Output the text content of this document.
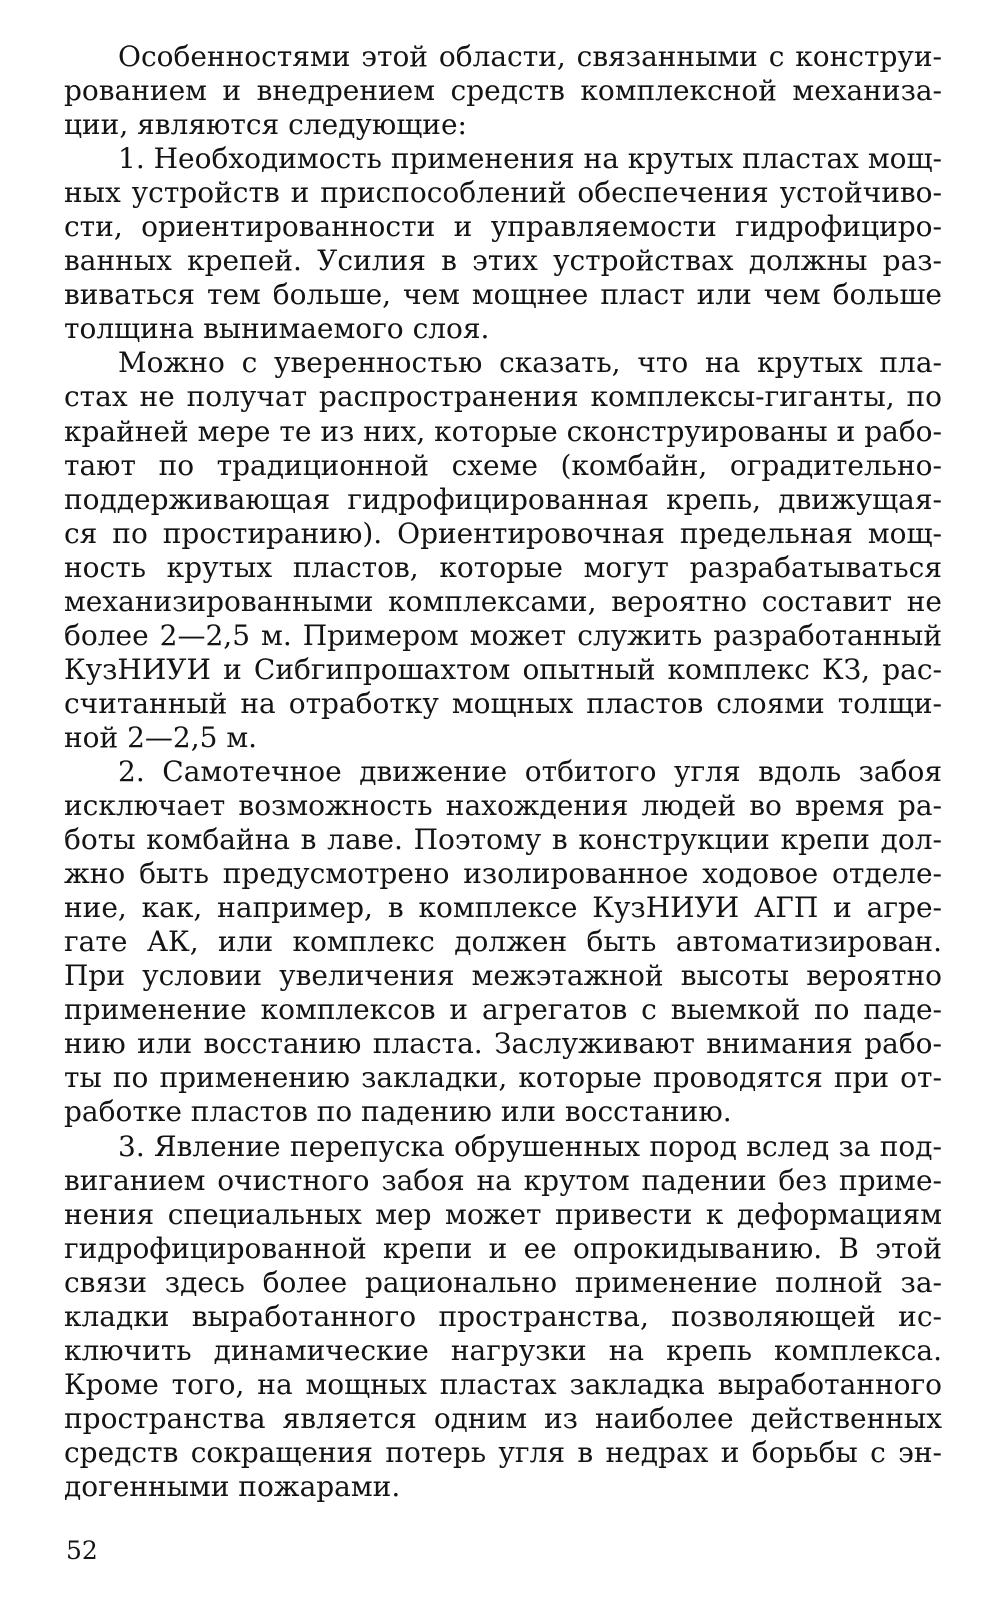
Особенностями этой области, связанными с конструи-
рованием и внедрением средств комплексной механиза-
ции, являются следующие:
1. Необходимость применения на крутых пластах мощ-
ных устройств и приспособлений обеспечения устойчиво-
сти, ориентированности и управляемости гидрофициро-
ванных крепей. Усилия в этих устройствах должны раз-
виваться тем больше, чем мощнее пласт или чем больше
толщина вынимаемого слоя.
Можно с уверенностью сказать, что на крутых пла-
стах не получат распространения комплексы-гиганты, по
крайней мере те из них, которые сконструированы и рабо-
тают по традиционной схеме (комбайн, оградительно-
поддерживающая гидрофицированная крепь, движущая-
ся по простиранию). Ориентировочная предельная мощ-
ность крутых пластов, которые могут разрабатываться
механизированными комплексами, вероятно составит не
более 2—2,5 м. Примером может служить разработанный
КузНИУИ и Сибгипрошахтом опытный комплекс КЗ, рас-
считанный на отработку мощных пластов слоями толщи-
ной 2—2,5 м.
2. Самотечное движение отбитого угля вдоль забоя
исключает возможность нахождения людей во время ра-
боты комбайна в лаве. Поэтому в конструкции крепи дол-
жно быть предусмотрено изолированное ходовое отделе-
ние, как, например, в комплексе КузНИУИ АГП и агре-
гате АК, или комплекс должен быть автоматизирован.
При условии увеличения межэтажной высоты вероятно
применение комплексов и агрегатов с выемкой по паде-
нию или восстанию пласта. Заслуживают внимания рабо-
ты по применению закладки, которые проводятся при от-
работке пластов по падению или восстанию.
3. Явление перепуска обрушенных пород вслед за под-
виганием очистного забоя на крутом падении без приме-
нения специальных мер может привести к деформациям
гидрофицированной крепи и ее опрокидыванию. В этой
связи здесь более рационально применение полной за-
кладки выработанного пространства, позволяющей ис-
ключить динамические нагрузки на крепь комплекса.
Кроме того, на мощных пластах закладка выработанного
пространства является одним из наиболее действенных
средств сокращения потерь угля в недрах и борьбы с эн-
догенными пожарами.
52
